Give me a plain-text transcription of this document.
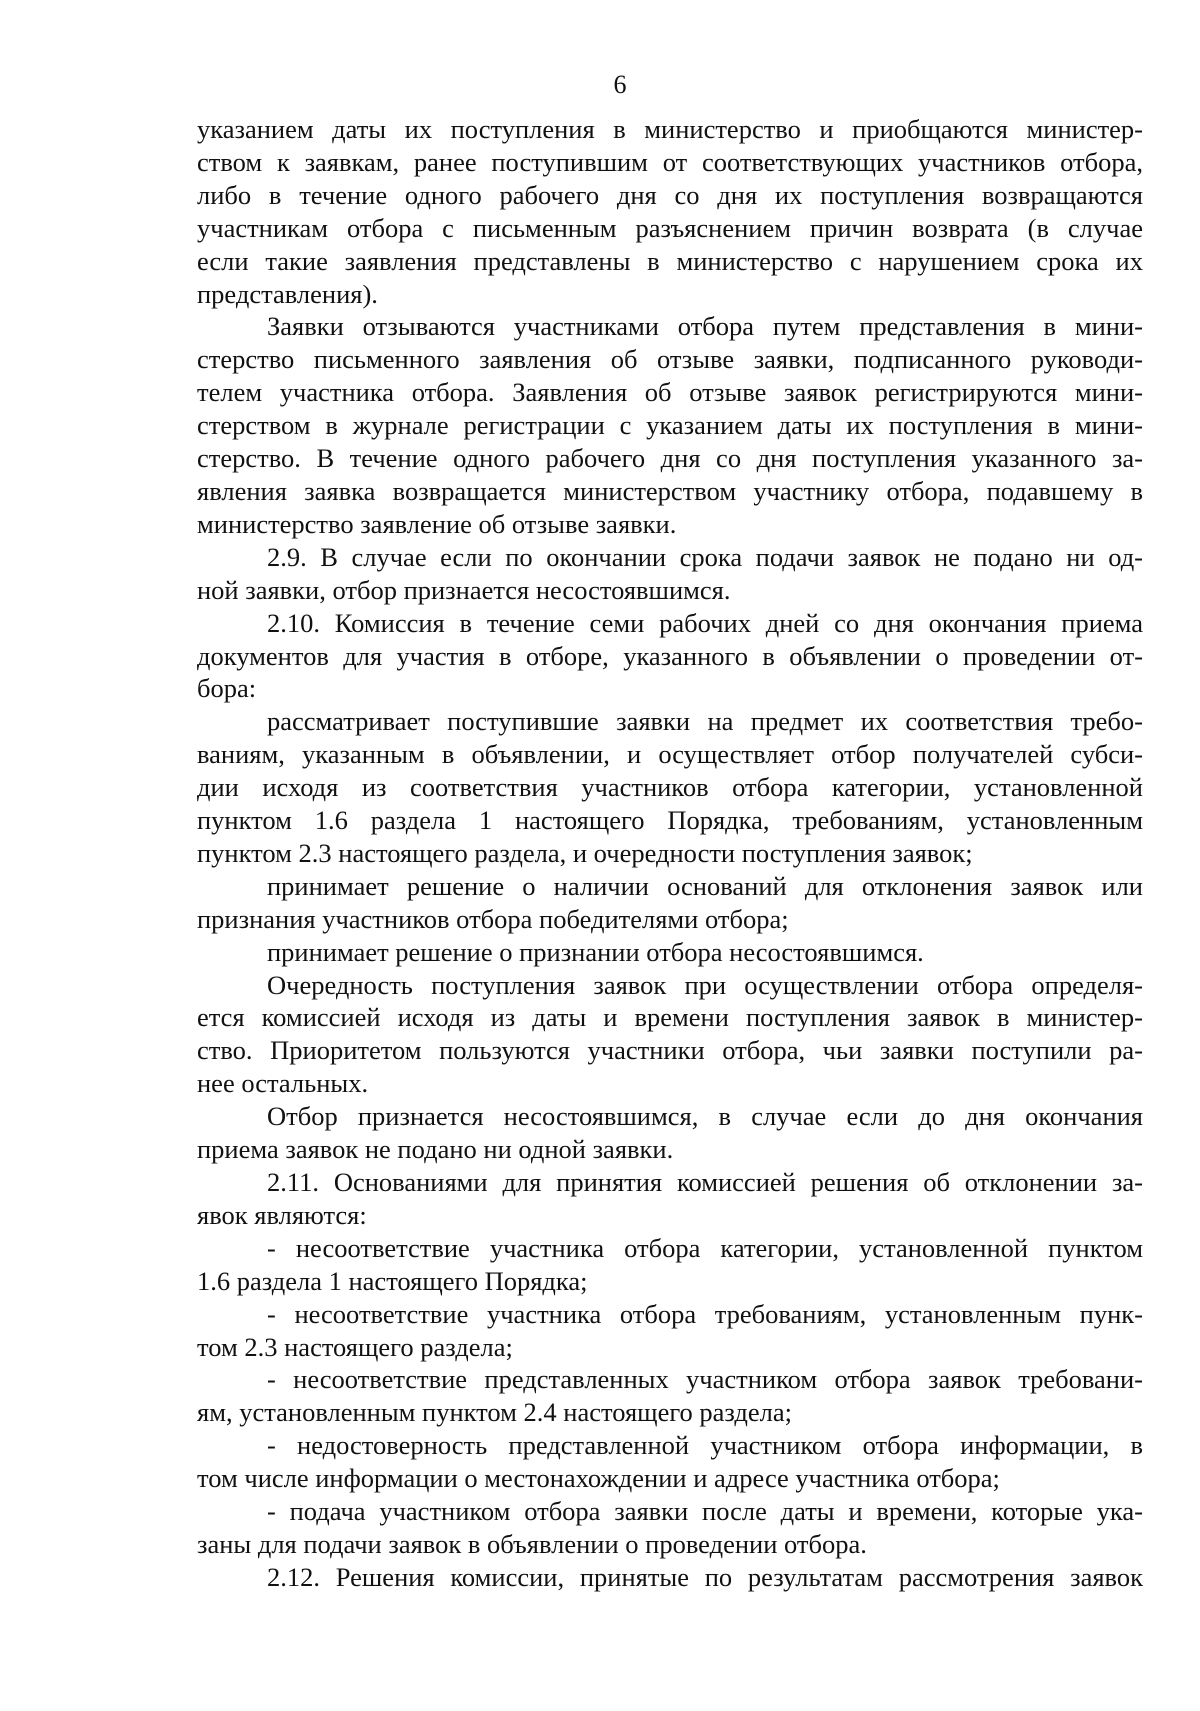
6
указанием даты их поступления в министерство и приобщаются министер-
ством к заявкам, ранее поступившим от соответствующих участников отбора,
либо в течение одного рабочего дня со дня их поступления возвращаются
участникам отбора с письменным разъяснением причин возврата (в случае
если такие заявления представлены в министерство с нарушением срока их
представления).
Заявки отзываются участниками отбора путем представления в мини-
стерство письменного заявления об отзыве заявки, подписанного руководи-
телем участника отбора. Заявления об отзыве заявок регистрируются мини-
стерством в журнале регистрации с указанием даты их поступления в мини-
стерство. В течение одного рабочего дня со дня поступления указанного за-
явления заявка возвращается министерством участнику отбора, подавшему в
министерство заявление об отзыве заявки.
2.9. В случае если по окончании срока подачи заявок не подано ни од-
ной заявки, отбор признается несостоявшимся.
2.10. Комиссия в течение семи рабочих дней со дня окончания приема
документов для участия в отборе, указанного в объявлении о проведении от-
бора:
рассматривает поступившие заявки на предмет их соответствия требо-
ваниям, указанным в объявлении, и осуществляет отбор получателей субси-
дии исходя из соответствия участников отбора категории, установленной
пунктом 1.6 раздела 1 настоящего Порядка, требованиям, установленным
пунктом 2.3 настоящего раздела, и очередности поступления заявок;
принимает решение о наличии оснований для отклонения заявок или
признания участников отбора победителями отбора;
принимает решение о признании отбора несостоявшимся.
Очередность поступления заявок при осуществлении отбора определя-
ется комиссией исходя из даты и времени поступления заявок в министер-
ство. Приоритетом пользуются участники отбора, чьи заявки поступили ра-
нее остальных.
Отбор признается несостоявшимся, в случае если до дня окончания
приема заявок не подано ни одной заявки.
2.11. Основаниями для принятия комиссией решения об отклонении за-
явок являются:
- несоответствие участника отбора категории, установленной пунктом
1.6 раздела 1 настоящего Порядка;
- несоответствие участника отбора требованиям, установленным пунк-
том 2.3 настоящего раздела;
- несоответствие представленных участником отбора заявок требовани-
ям, установленным пунктом 2.4 настоящего раздела;
- недостоверность представленной участником отбора информации, в
том числе информации о местонахождении и адресе участника отбора;
- подача участником отбора заявки после даты и времени, которые ука-
заны для подачи заявок в объявлении о проведении отбора.
2.12. Решения комиссии, принятые по результатам рассмотрения заявок
